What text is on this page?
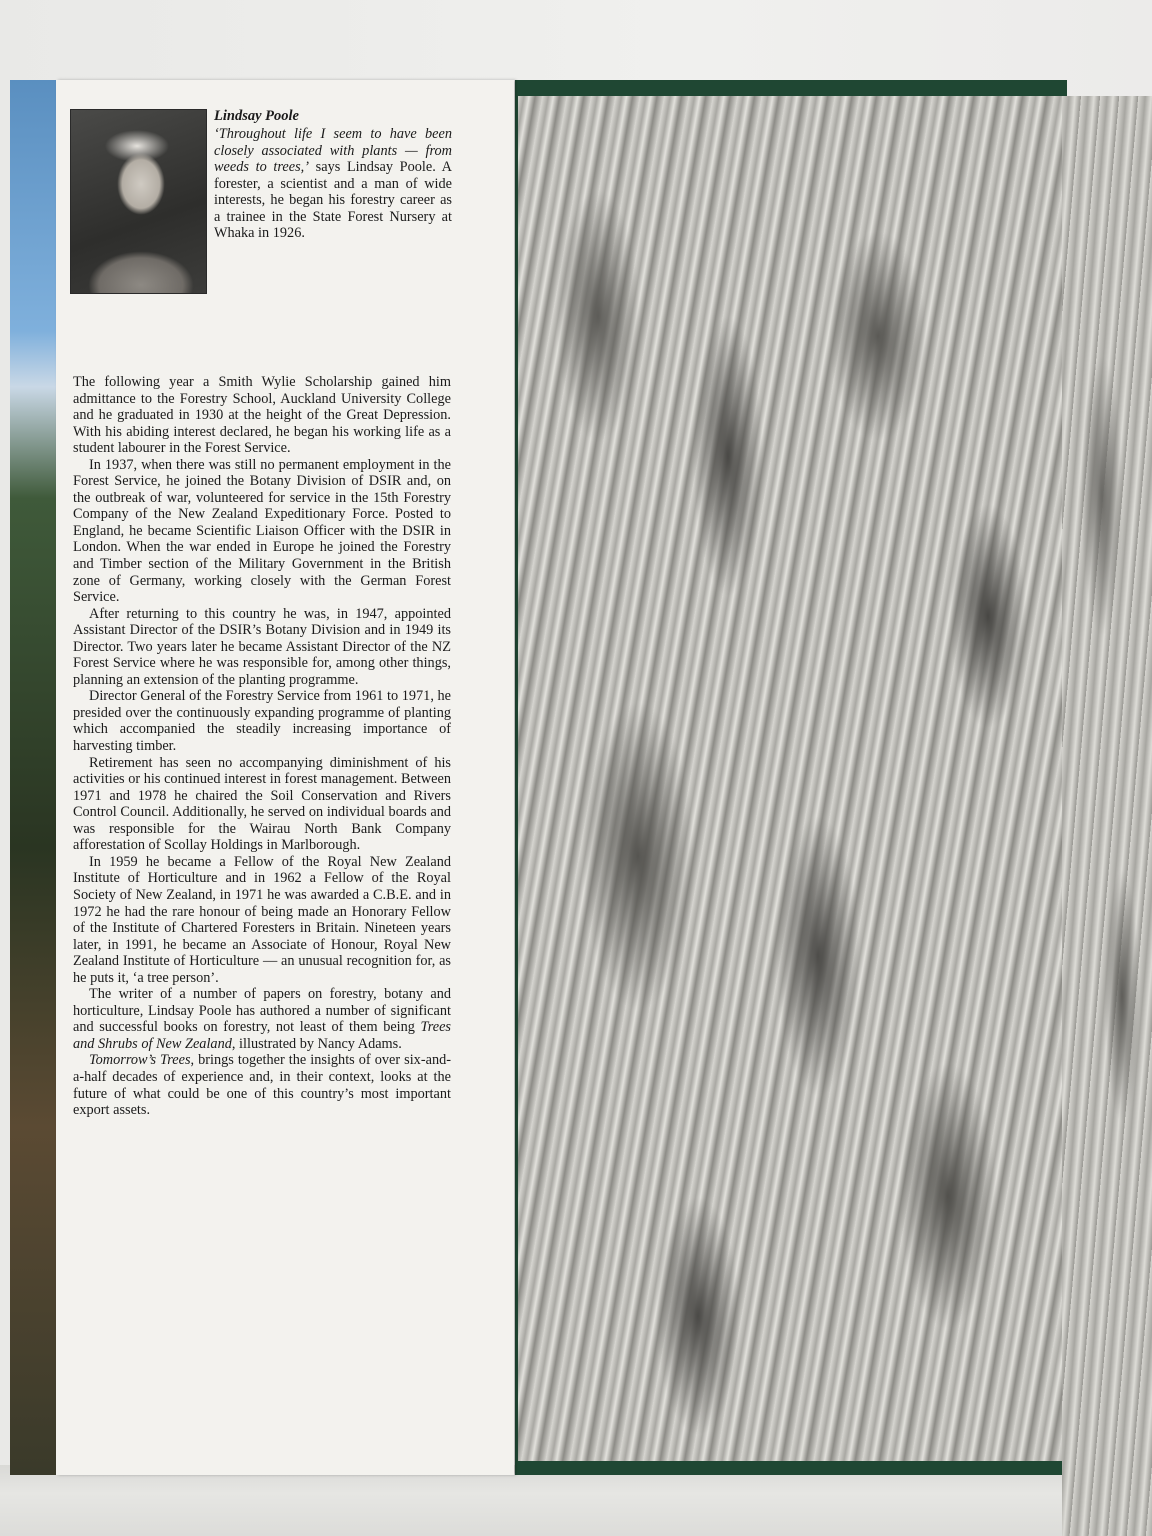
Lindsay Poole
‘Throughout life I seem to have been closely associated with plants — from weeds to trees,’ says Lindsay Poole. A forester, a scientist and a man of wide interests, he began his forestry career as a trainee in the State Forest Nursery at Whaka in 1926.

The following year a Smith Wylie Scholarship gained him admittance to the Forestry School, Auckland University College and he graduated in 1930 at the height of the Great Depression. With his abiding interest declared, he began his working life as a student labourer in the Forest Service.

In 1937, when there was still no permanent employment in the Forest Service, he joined the Botany Division of DSIR and, on the outbreak of war, volunteered for service in the 15th Forestry Company of the New Zealand Expeditionary Force. Posted to England, he became Scientific Liaison Officer with the DSIR in London. When the war ended in Europe he joined the Forestry and Timber section of the Military Government in the British zone of Germany, working closely with the German Forest Service.

After returning to this country he was, in 1947, appointed Assistant Director of the DSIR’s Botany Division and in 1949 its Director. Two years later he became Assistant Director of the NZ Forest Service where he was responsible for, among other things, planning an extension of the planting programme.

Director General of the Forestry Service from 1961 to 1971, he presided over the continuously expanding programme of planting which accompanied the steadily increasing importance of harvesting timber.

Retirement has seen no accompanying diminishment of his activities or his continued interest in forest management. Between 1971 and 1978 he chaired the Soil Conservation and Rivers Control Council. Additionally, he served on individual boards and was responsible for the Wairau North Bank Company afforestation of Scollay Holdings in Marlborough.

In 1959 he became a Fellow of the Royal New Zealand Institute of Horticulture and in 1962 a Fellow of the Royal Society of New Zealand, in 1971 he was awarded a C.B.E. and in 1972 he had the rare honour of being made an Honorary Fellow of the Institute of Chartered Foresters in Britain. Nineteen years later, in 1991, he became an Associate of Honour, Royal New Zealand Institute of Horticulture — an unusual recognition for, as he puts it, ‘a tree person’.

The writer of a number of papers on forestry, botany and horticulture, Lindsay Poole has authored a number of significant and successful books on forestry, not least of them being Trees and Shrubs of New Zealand, illustrated by Nancy Adams.

Tomorrow’s Trees, brings together the insights of over six-and-a-half decades of experience and, in their context, looks at the future of what could be one of this country’s most important export assets.
